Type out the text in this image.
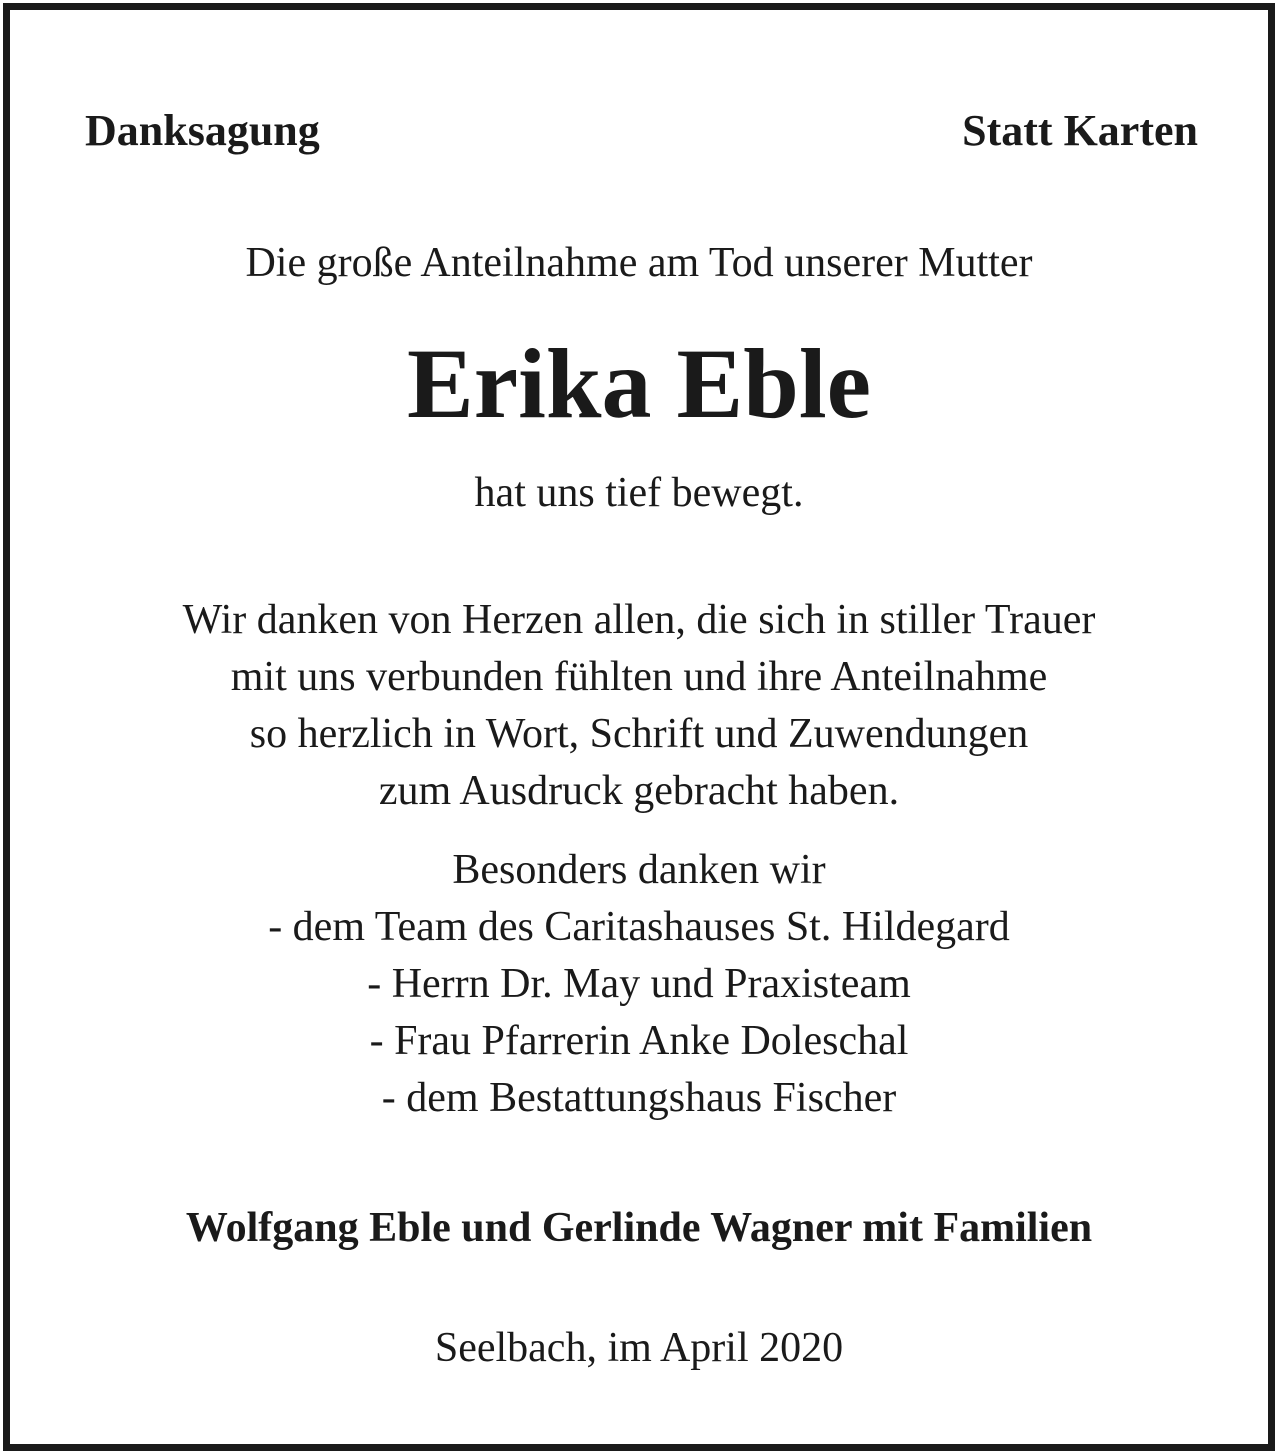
Danksagung	Statt Karten
Die große Anteilnahme am Tod unserer Mutter
Erika Eble
hat uns tief bewegt.
Wir danken von Herzen allen, die sich in stiller Trauer
mit uns verbunden fühlten und ihre Anteilnahme
so herzlich in Wort, Schrift und Zuwendungen
zum Ausdruck gebracht haben.
Besonders danken wir
- dem Team des Caritashauses St. Hildegard
- Herrn Dr. May und Praxisteam
- Frau Pfarrerin Anke Doleschal
- dem Bestattungshaus Fischer
Wolfgang Eble und Gerlinde Wagner mit Familien
Seelbach, im April 2020
